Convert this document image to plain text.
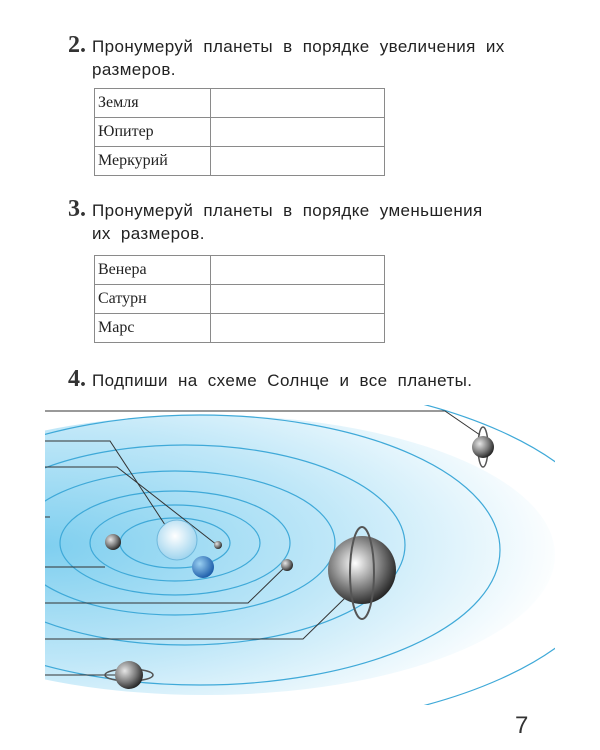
2. Пронумеруй планеты в порядке увеличения их
размеров.
Земля	
Юпитер	
Меркурий	
3. Пронумеруй планеты в порядке уменьшения
их размеров.
Венера	
Сатурн	
Марс	
4. Подпиши на схеме Солнце и все планеты.
7
